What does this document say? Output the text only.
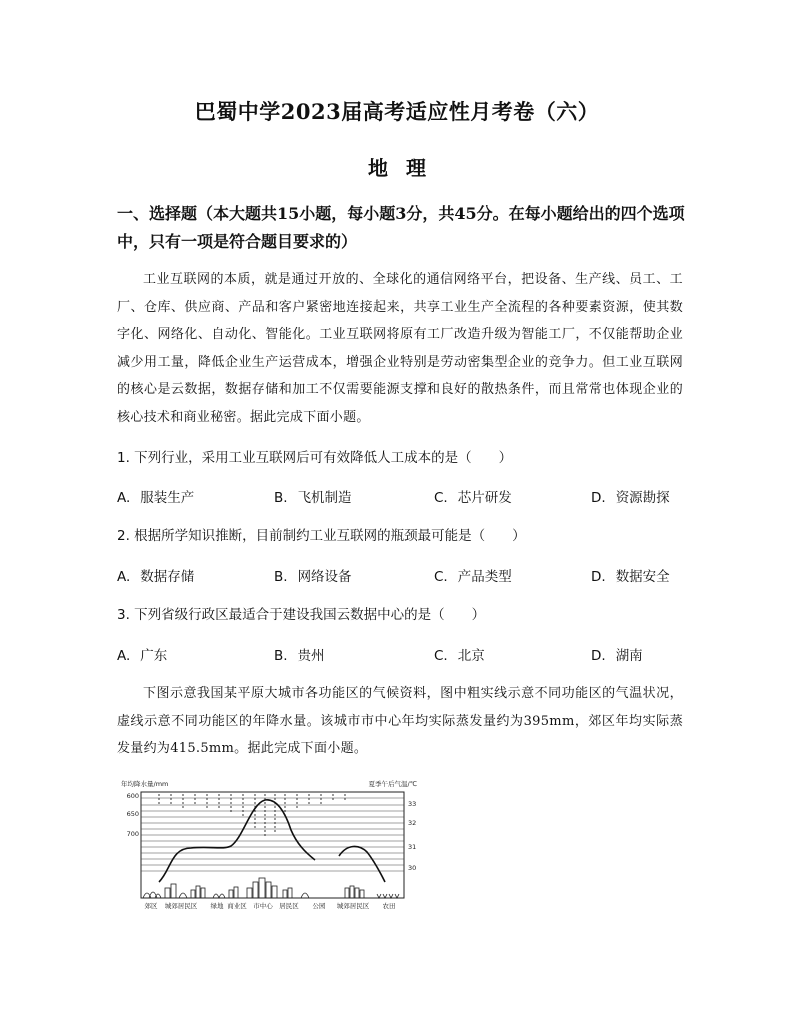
巴蜀中学2023届高考适应性月考卷（六）
地理
一、选择题（本大题共15小题，每小题3分，共45分。在每小题给出的四个选项中，只有一项是符合题目要求的）
工业互联网的本质，就是通过开放的、全球化的通信网络平台，把设备、生产线、员工、工厂、仓库、供应商、产品和客户紧密地连接起来，共享工业生产全流程的各种要素资源，使其数字化、网络化、自动化、智能化。工业互联网将原有工厂改造升级为智能工厂，不仅能帮助企业减少用工量，降低企业生产运营成本，增强企业特别是劳动密集型企业的竞争力。但工业互联网的核心是云数据，数据存储和加工不仅需要能源支撑和良好的散热条件，而且常常也体现企业的核心技术和商业秘密。据此完成下面小题。
1. 下列行业，采用工业互联网后可有效降低人工成本的是（　　）
A. 服装生产	B. 飞机制造	C. 芯片研发	D. 资源勘探
2. 根据所学知识推断，目前制约工业互联网的瓶颈最可能是（　　）
A. 数据存储	B. 网络设备	C. 产品类型	D. 数据安全
3. 下列省级行政区最适合于建设我国云数据中心的是（　　）
A. 广东	B. 贵州	C. 北京	D. 湖南
下图示意我国某平原大城市各功能区的气候资料，图中粗实线示意不同功能区的气温状况，虚线示意不同功能区的年降水量。该城市市中心年均实际蒸发量约为395mm，郊区年均实际蒸发量约为415.5mm。据此完成下面小题。
年均降水量/mm	夏季午后气温/℃
600
650
700
33
32
31
30
郊区 城郊居民区 绿地 商业区 市中心 居民区 公园 城郊居民区 农田
